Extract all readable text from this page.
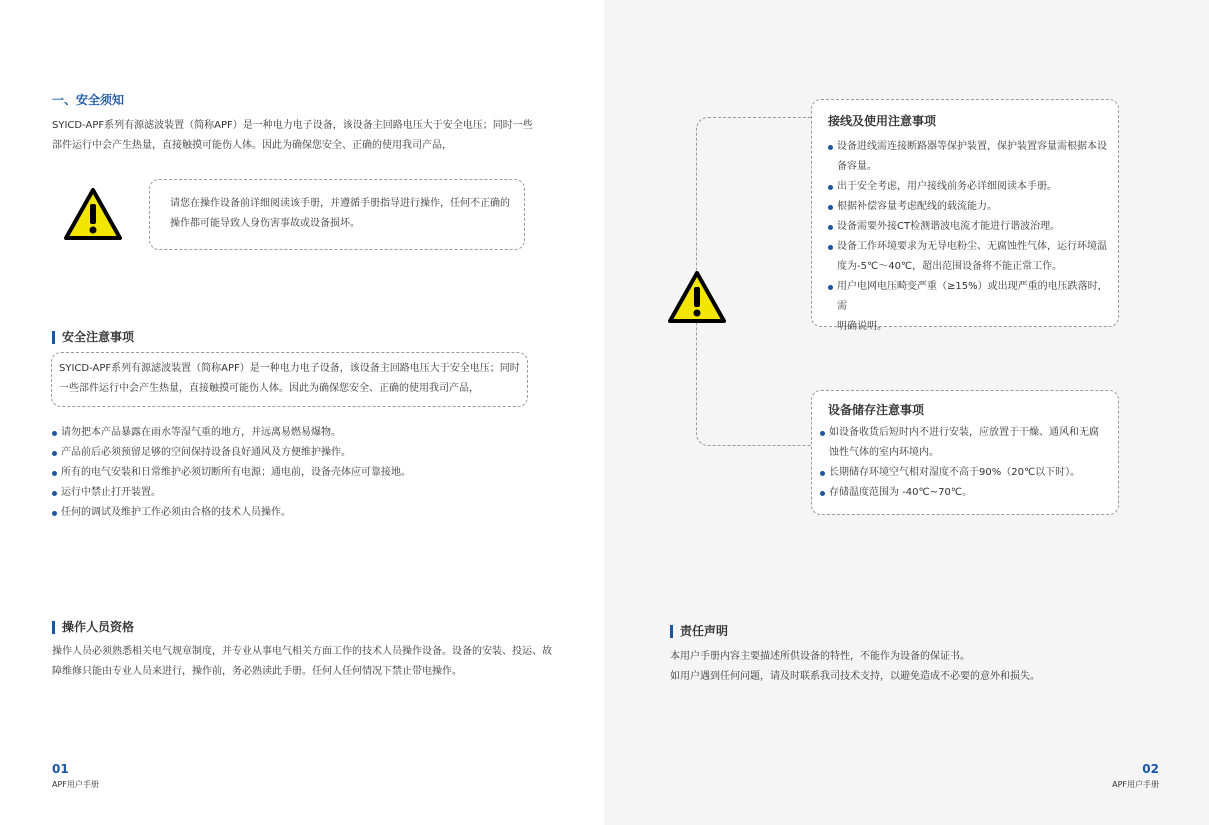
一、安全须知
SYICD-APF系列有源滤波装置（简称APF）是一种电力电子设备，该设备主回路电压大于安全电压；同时一些
部件运行中会产生热量，直接触摸可能伤人体。因此为确保您安全、正确的使用我司产品，
请您在操作设备前详细阅读该手册，并遵循手册指导进行操作，任何不正确的
操作都可能导致人身伤害事故或设备损坏。
安全注意事项
SYICD-APF系列有源滤波装置（简称APF）是一种电力电子设备，该设备主回路电压大于安全电压；同时
一些部件运行中会产生热量，直接触摸可能伤人体。因此为确保您安全、正确的使用我司产品，
请勿把本产品暴露在雨水等湿气重的地方，并远离易燃易爆物。
产品前后必须预留足够的空间保持设备良好通风及方便维护操作。
所有的电气安装和日常维护必须切断所有电源；通电前，设备壳体应可靠接地。
运行中禁止打开装置。
任何的调试及维护工作必须由合格的技术人员操作。
操作人员资格
操作人员必须熟悉相关电气规章制度，并专业从事电气相关方面工作的技术人员操作设备。设备的安装、投运、故
障维修只能由专业人员来进行，操作前，务必熟读此手册。任何人任何情况下禁止带电操作。
01
APF用户手册
接线及使用注意事项
设备进线需连接断路器等保护装置，保护装置容量需根据本设
备容量。
出于安全考虑，用户接线前务必详细阅读本手册。
根据补偿容量考虑配线的载流能力。
设备需要外接CT检测谐波电流才能进行谐波治理。
设备工作环境要求为无导电粉尘、无腐蚀性气体，运行环境温
度为-5℃～40℃，超出范围设备将不能正常工作。
用户电网电压畸变严重（≥15%）或出现严重的电压跌落时，需
明确说明。
设备储存注意事项
如设备收货后短时内不进行安装，应放置于干燥、通风和无腐
蚀性气体的室内环境内。
长期储存环境空气相对湿度不高于90%（20℃以下时）。
存储温度范围为 -40℃~70℃。
责任声明
本用户手册内容主要描述所供设备的特性，不能作为设备的保证书。
如用户遇到任何问题，请及时联系我司技术支持，以避免造成不必要的意外和损失。
02
APF用户手册
